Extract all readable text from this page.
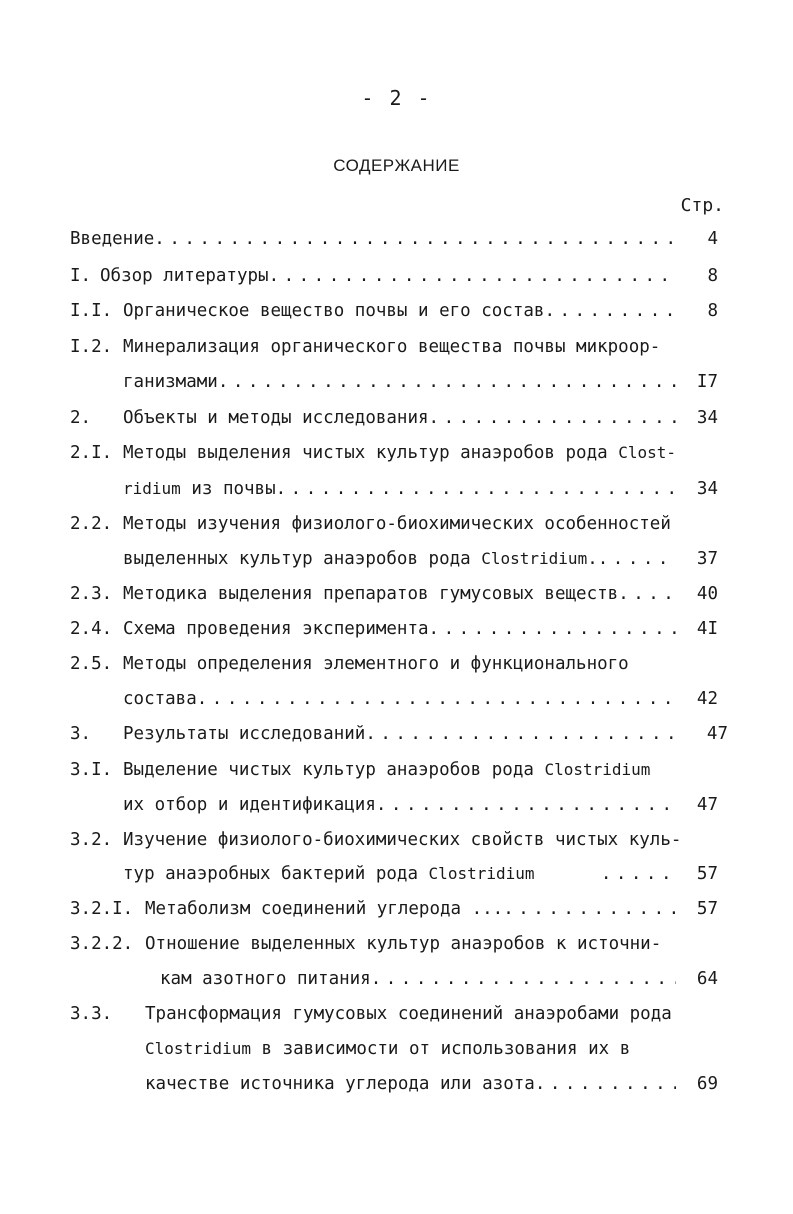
- 2 -
СОДЕРЖАНИЕ
Стр.
Введение .....	4
I. Обзор литературы .....	8
I.I. Органическое вещество почвы и его состав .....	8
I.2. Минерализация органического вещества почвы микроор-
ганизмами .....	I7
2. Объекты и методы исследования .....	34
2.I. Методы выделения чистых культур анаэробов рода Clost-
ridium из почвы .....	34
2.2. Методы изучения физиолого-биохимических особенностей
выделенных культур анаэробов рода Clostridium. .....	37
2.3. Методика выделения препаратов гумусовых веществ .....	40
2.4. Схема проведения эксперимента .....	4I
2.5. Методы определения элементного и функционального
состава .....	42
3. Результаты исследований .....	47
3.I. Выделение чистых культур анаэробов рода Clostridium
их отбор и идентификация .....	47
3.2. Изучение физиолого-биохимических свойств чистых куль-
тур анаэробных бактерий рода Clostridium	.....	57
3.2.I. Метаболизм соединений углерода ... .....	57
3.2.2. Отношение выделенных культур анаэробов к источни-
кам азотного питания .....	64
3.3. Трансформация гумусовых соединений анаэробами рода
Clostridium в зависимости от использования их в
качестве источника углерода или азота .....	69
